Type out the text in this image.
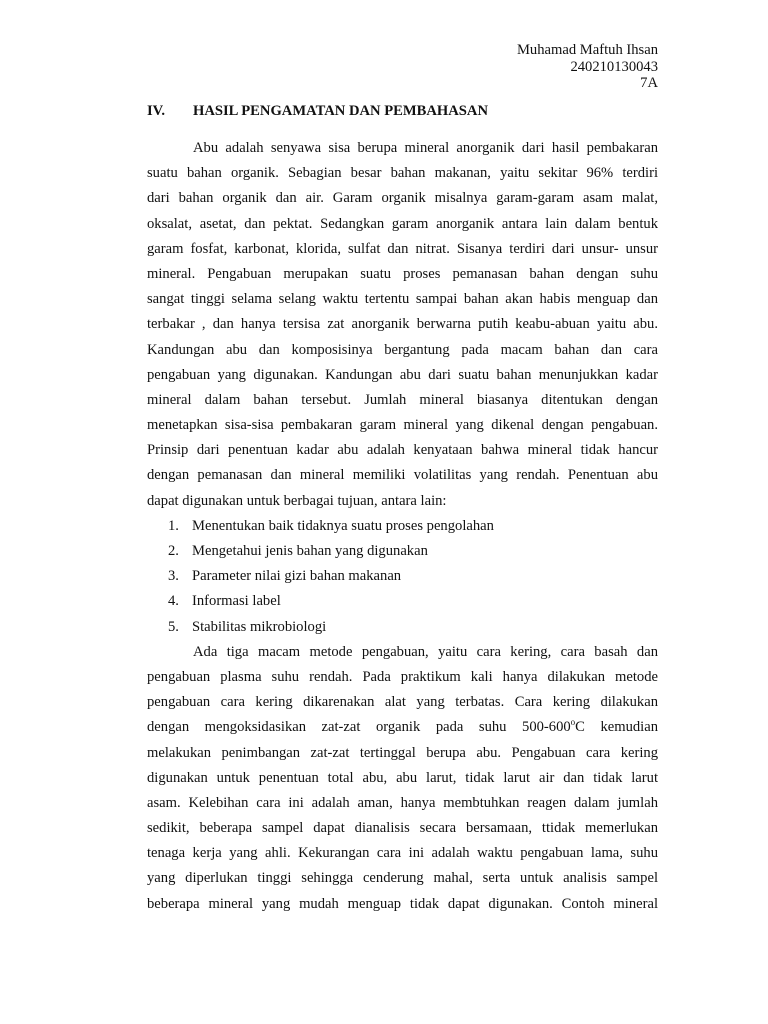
Muhamad Maftuh Ihsan
240210130043
7A
IV. HASIL PENGAMATAN DAN PEMBAHASAN
Abu adalah senyawa sisa berupa mineral anorganik dari hasil pembakaran
suatu bahan organik. Sebagian besar bahan makanan, yaitu sekitar 96% terdiri
dari bahan organik dan air. Garam organik misalnya garam-garam asam malat,
oksalat, asetat, dan pektat. Sedangkan garam anorganik antara lain dalam bentuk
garam fosfat, karbonat, klorida, sulfat dan nitrat. Sisanya terdiri dari unsur- unsur
mineral. Pengabuan merupakan suatu proses pemanasan bahan dengan suhu
sangat tinggi selama selang waktu tertentu sampai bahan akan habis menguap dan
terbakar , dan hanya tersisa zat anorganik berwarna putih keabu-abuan yaitu abu.
Kandungan abu dan komposisinya bergantung pada macam bahan dan cara
pengabuan yang digunakan. Kandungan abu dari suatu bahan menunjukkan kadar
mineral dalam bahan tersebut. Jumlah mineral biasanya ditentukan dengan
menetapkan sisa-sisa pembakaran garam mineral yang dikenal dengan pengabuan.
Prinsip dari penentuan kadar abu adalah kenyataan bahwa mineral tidak hancur
dengan pemanasan dan mineral memiliki volatilitas yang rendah. Penentuan abu
dapat digunakan untuk berbagai tujuan, antara lain:
1. Menentukan baik tidaknya suatu proses pengolahan
2. Mengetahui jenis bahan yang digunakan
3. Parameter nilai gizi bahan makanan
4. Informasi label
5. Stabilitas mikrobiologi
Ada tiga macam metode pengabuan, yaitu cara kering, cara basah dan
pengabuan plasma suhu rendah. Pada praktikum kali hanya dilakukan metode
pengabuan cara kering dikarenakan alat yang terbatas. Cara kering dilakukan
dengan mengoksidasikan zat-zat organik pada suhu 500-600$^o$C kemudian
melakukan penimbangan zat-zat tertinggal berupa abu. Pengabuan cara kering
digunakan untuk penentuan total abu, abu larut, tidak larut air dan tidak larut
asam. Kelebihan cara ini adalah aman, hanya membtuhkan reagen dalam jumlah
sedikit, beberapa sampel dapat dianalisis secara bersamaan, ttidak memerlukan
tenaga kerja yang ahli. Kekurangan cara ini adalah waktu pengabuan lama, suhu
yang diperlukan tinggi sehingga cenderung mahal, serta untuk analisis sampel
beberapa mineral yang mudah menguap tidak dapat digunakan. Contoh mineral
